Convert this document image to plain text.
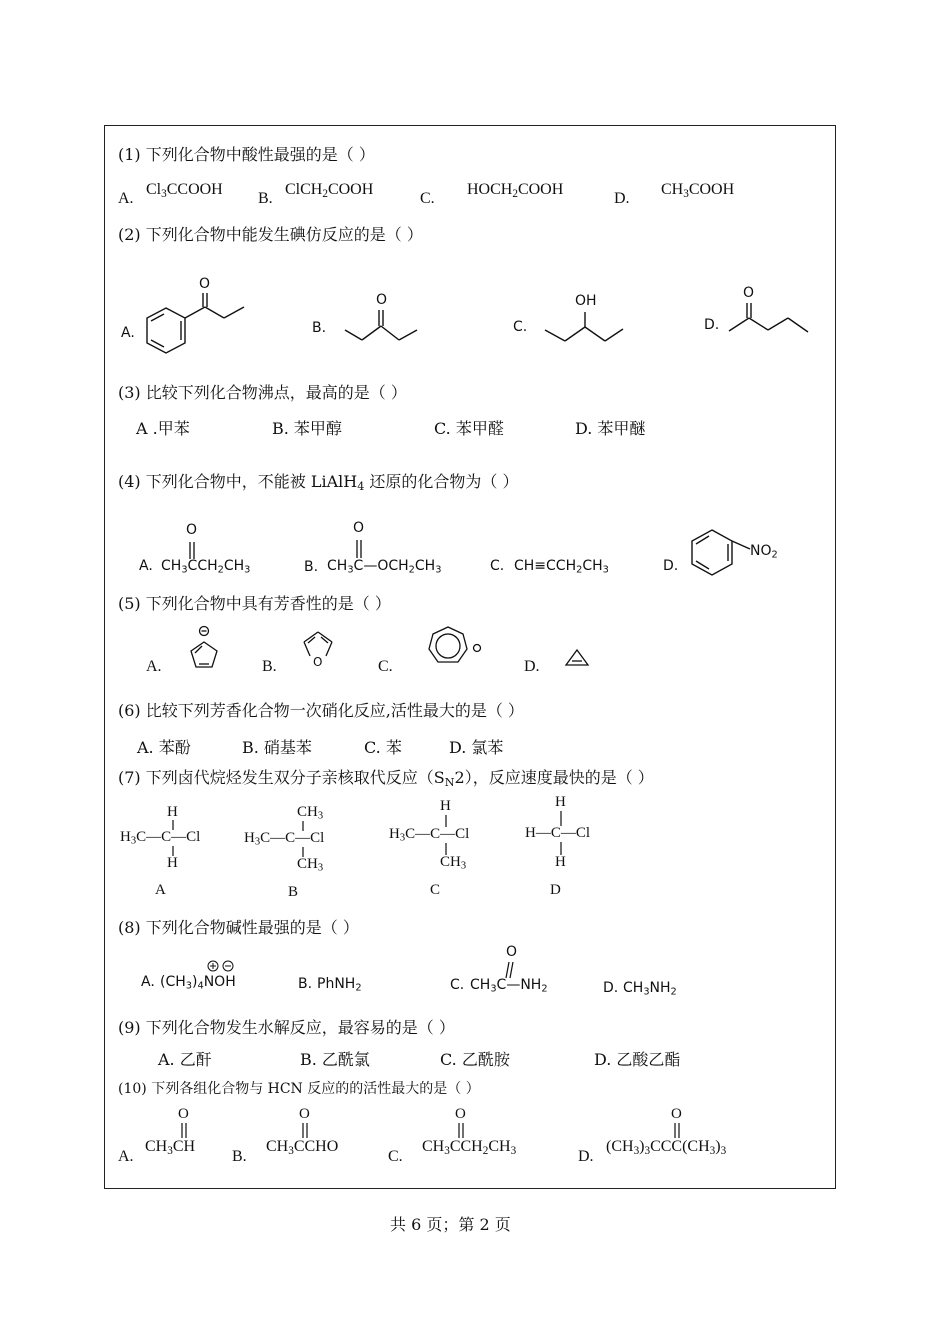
(1) 下列化合物中酸性最强的是（ ）
A.
$Cl_3CCOOH$
B.
ClCH$_2$COOH
C.
$HOCH_2COOH$
D.
$CH_3COOH$
(2) 下列化合物中能发生碘仿反应的是（ ）
A.
O
B.
O
C.
OH
D.
O
(3) 比较下列化合物沸点，最高的是（ ）
A .甲苯	B. 苯甲醇	C. 苯甲醛	D. 苯甲醚
(4) 下列化合物中，不能被 LiAlH$_4$ 还原的化合物为（ ）
A.
O
$CH_3CCH_2CH_3$	B.
O
$CH_3C—OCH_2CH_3$	C. $CH\equiv CCH_2CH_3$	D.
$NO_2$
(5) 下列化合物中具有芳香性的是（ ）
A.	B.	O	C.	D.
(6) 比较下列芳香化合物一次硝化反应,活性最大的是（ ）
A. 苯酚	B. 硝基苯	C. 苯	D. 氯苯
(7) 下列卤代烷烃发生双分子亲核取代反应$(S_N2)$，反应速度最快的是（ ）
H
$H_3C—C—Cl$
H
A
$CH_3$
$H_3C—C—Cl$
$CH_3$
B
H
$H_3C—C—Cl$
$CH_3$
C
H
H—C—Cl
H
D
(8) 下列化合物碱性最强的是（ ）
A. $(CH_3)_4NOH$	B. PhNH$_2$	C.
O
$CH_3C—NH_2$	D. $CH_3NH_2$
(9) 下列化合物发生水解反应，最容易的是（ ）
A. 乙酐	B. 乙酰氯	C. 乙酰胺	D. 乙酸乙酯
(10) 下列各组化合物与 HCN 反应的的活性最大的是（ ）
A.
O
$CH_3CH$
B.
O
$CH_3CCHO$
C.
O
$CH_3CCH_2CH_3$	D.
O
$(CH_3)_3CCC(CH_3)_3$
共 6 页；第 2 页
